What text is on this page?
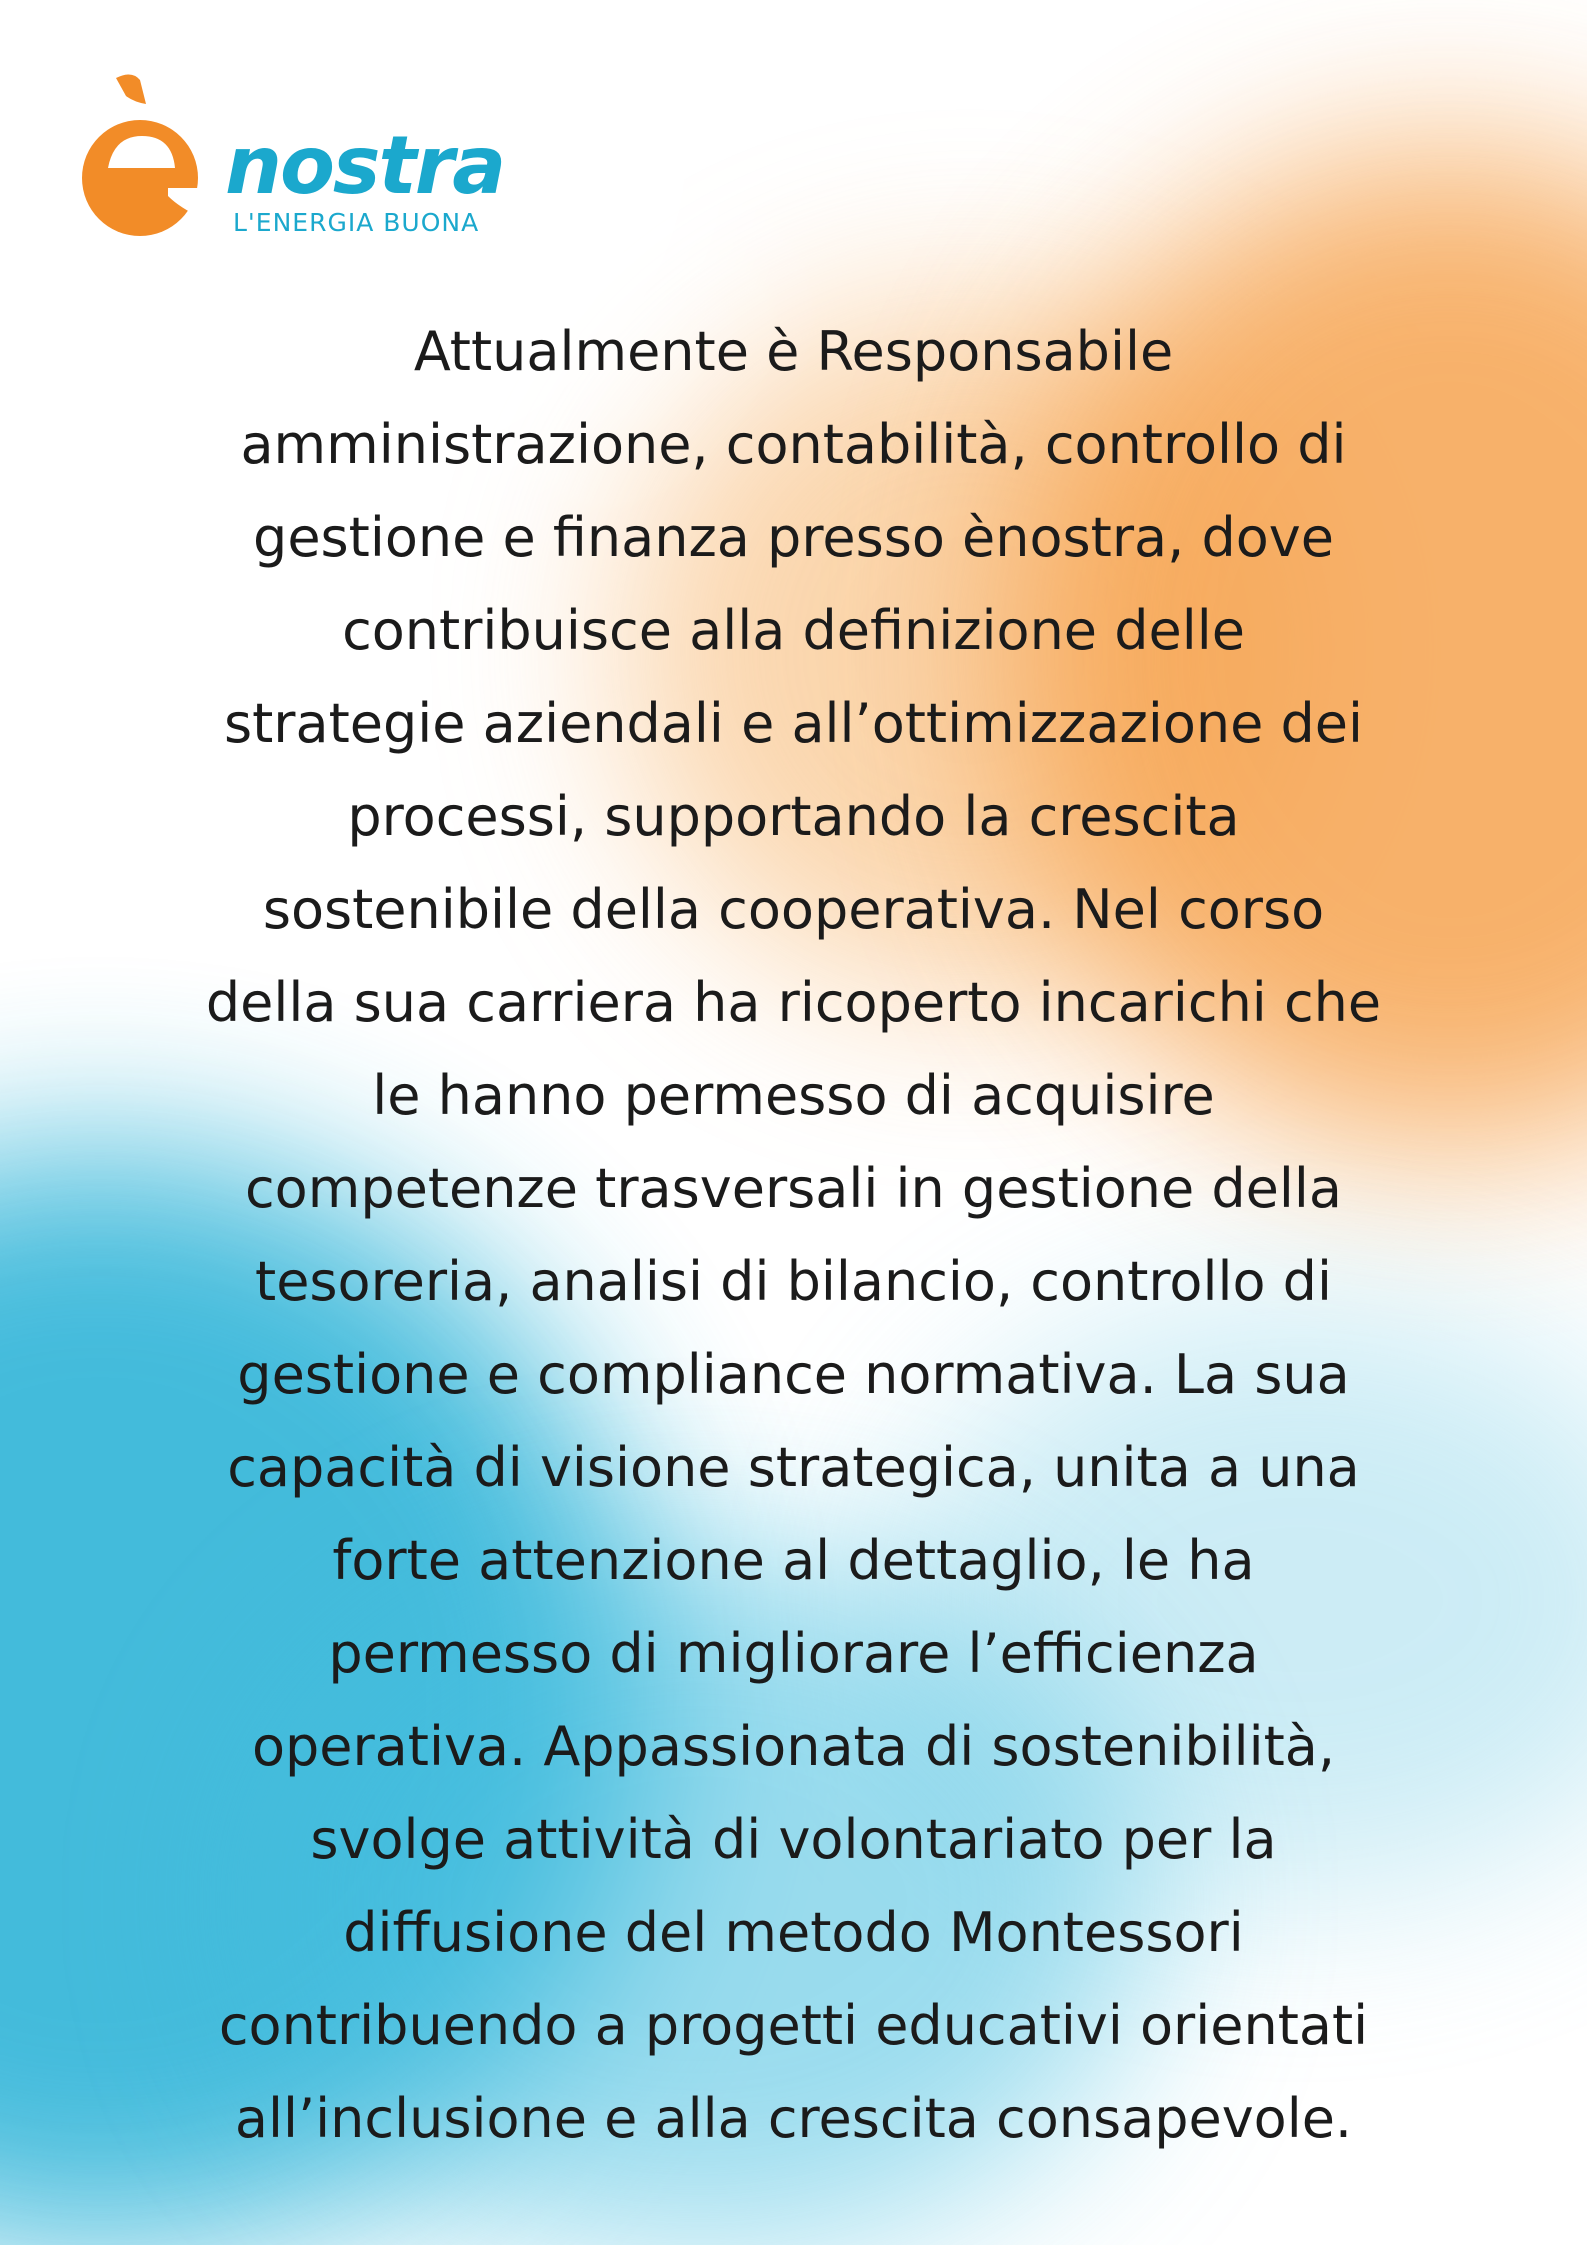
nostra
L'ENERGIA BUONA

Attualmente è Responsabile
amministrazione, contabilità, controllo di
gestione e finanza presso ènostra, dove
contribuisce alla definizione delle
strategie aziendali e all’ottimizzazione dei
processi, supportando la crescita
sostenibile della cooperativa. Nel corso
della sua carriera ha ricoperto incarichi che
le hanno permesso di acquisire
competenze trasversali in gestione della
tesoreria, analisi di bilancio, controllo di
gestione e compliance normativa. La sua
capacità di visione strategica, unita a una
forte attenzione al dettaglio, le ha
permesso di migliorare l’efficienza
operativa. Appassionata di sostenibilità,
svolge attività di volontariato per la
diffusione del metodo Montessori
contribuendo a progetti educativi orientati
all’inclusione e alla crescita consapevole.
